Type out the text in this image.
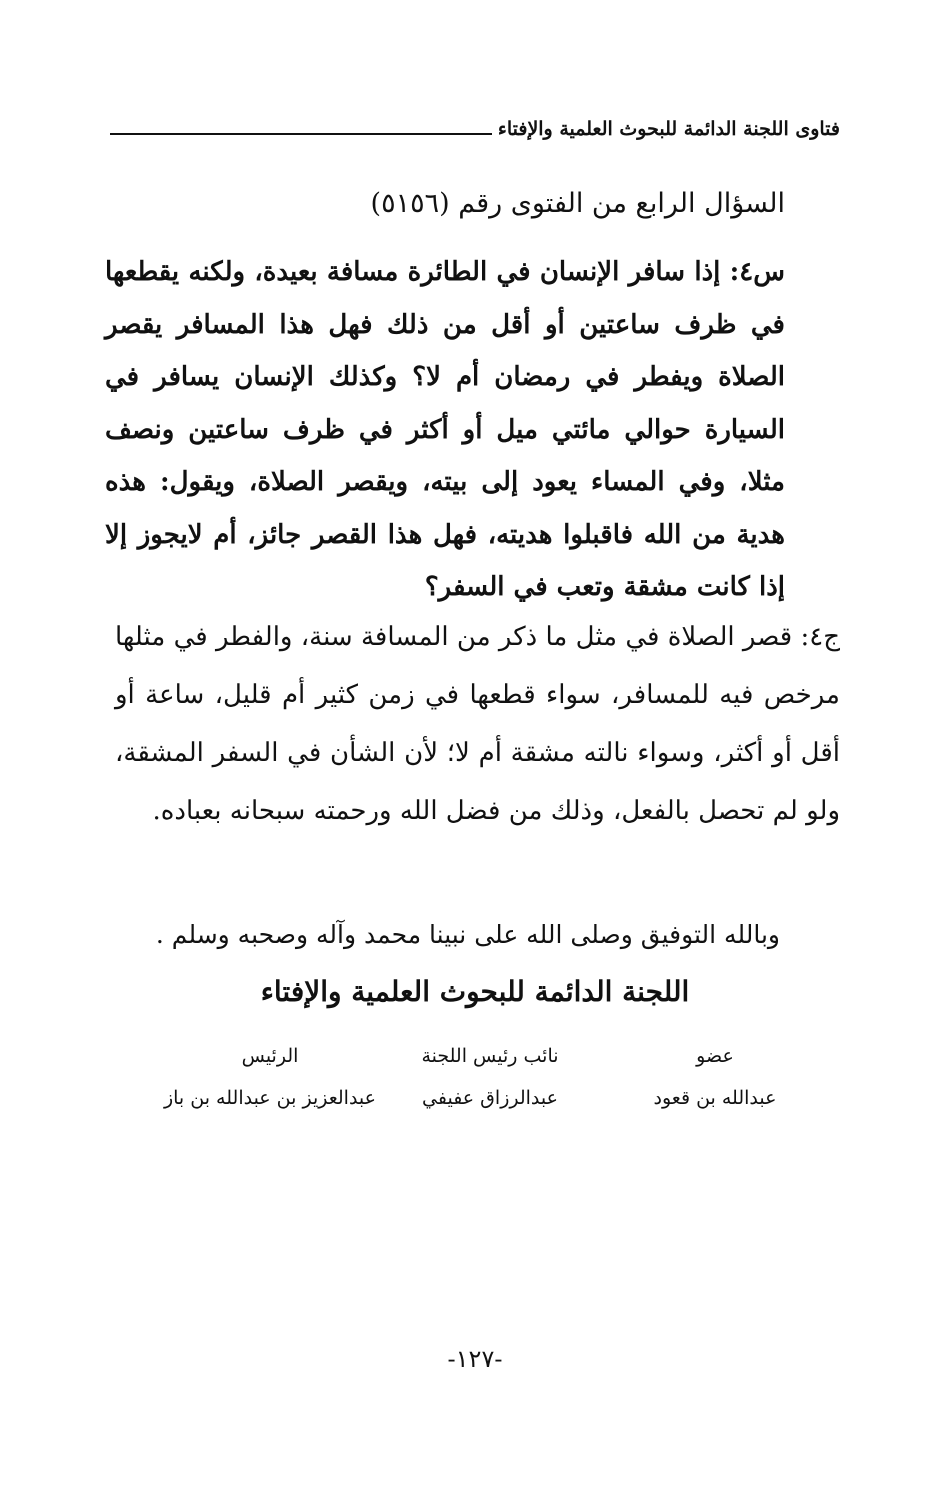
فتاوى اللجنة الدائمة للبحوث العلمية والإفتاء
السؤال الرابع من الفتوى رقم (٥١٥٦)
س٤: إذا سافر الإنسان في الطائرة مسافة بعيدة، ولكنه يقطعها في ظرف ساعتين أو أقل من ذلك فهل هذا المسافر يقصر الصلاة ويفطر في رمضان أم لا؟ وكذلك الإنسان يسافر في السيارة حوالي مائتي ميل أو أكثر في ظرف ساعتين ونصف مثلا، وفي المساء يعود إلى بيته، ويقصر الصلاة، ويقول: هذه هدية من الله فاقبلوا هديته، فهل هذا القصر جائز، أم لايجوز إلا إذا كانت مشقة وتعب في السفر؟
ج٤: قصر الصلاة في مثل ما ذكر من المسافة سنة، والفطر في مثلها مرخص فيه للمسافر، سواء قطعها في زمن كثير أم قليل، ساعة أو أقل أو أكثر، وسواء نالته مشقة أم لا؛ لأن الشأن في السفر المشقة، ولو لم تحصل بالفعل، وذلك من فضل الله ورحمته سبحانه بعباده.
وبالله التوفيق وصلى الله على نبينا محمد وآله وصحبه وسلم .
اللجنة الدائمة للبحوث العلمية والإفتاء
عضو
عبدالله بن قعود
نائب رئيس اللجنة
عبدالرزاق عفيفي
الرئيس
عبدالعزيز بن عبدالله بن باز
-١٢٧-
